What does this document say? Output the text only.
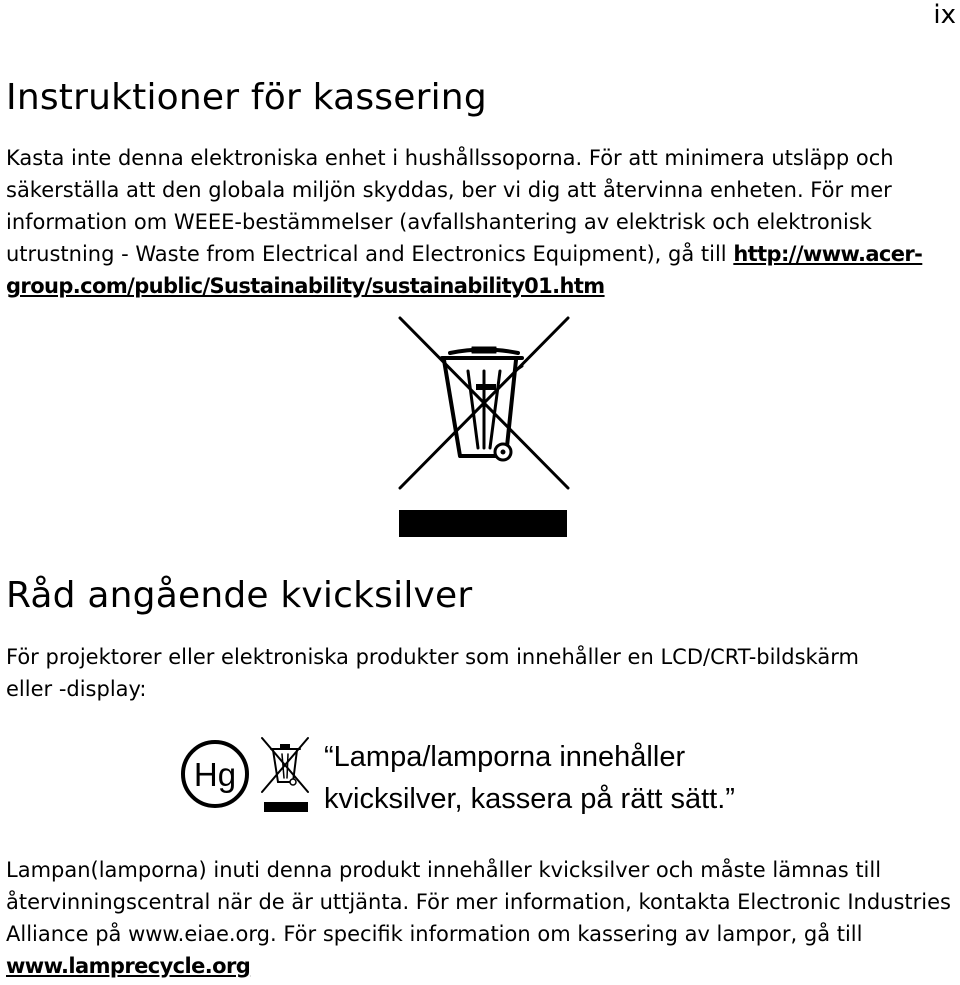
ix
Instruktioner för kassering

Kasta inte denna elektroniska enhet i hushållssoporna. För att minimera utsläpp och säkerställa att den globala miljön skyddas, ber vi dig att återvinna enheten. För mer information om WEEE-bestämmelser (avfallshantering av elektrisk och elektronisk utrustning - Waste from Electrical and Electronics Equipment), gå till http://www.acer-group.com/public/Sustainability/sustainability01.htm

Råd angående kvicksilver

För projektorer eller elektroniska produkter som innehåller en LCD/CRT-bildskärm eller -display:

Hg	“Lampa/lamporna innehåller
kvicksilver, kassera på rätt sätt.”

Lampan(lamporna) inuti denna produkt innehåller kvicksilver och måste lämnas till återvinningscentral när de är uttjänta. För mer information, kontakta Electronic Industries Alliance på www.eiae.org. För specifik information om kassering av lampor, gå till www.lamprecycle.org
